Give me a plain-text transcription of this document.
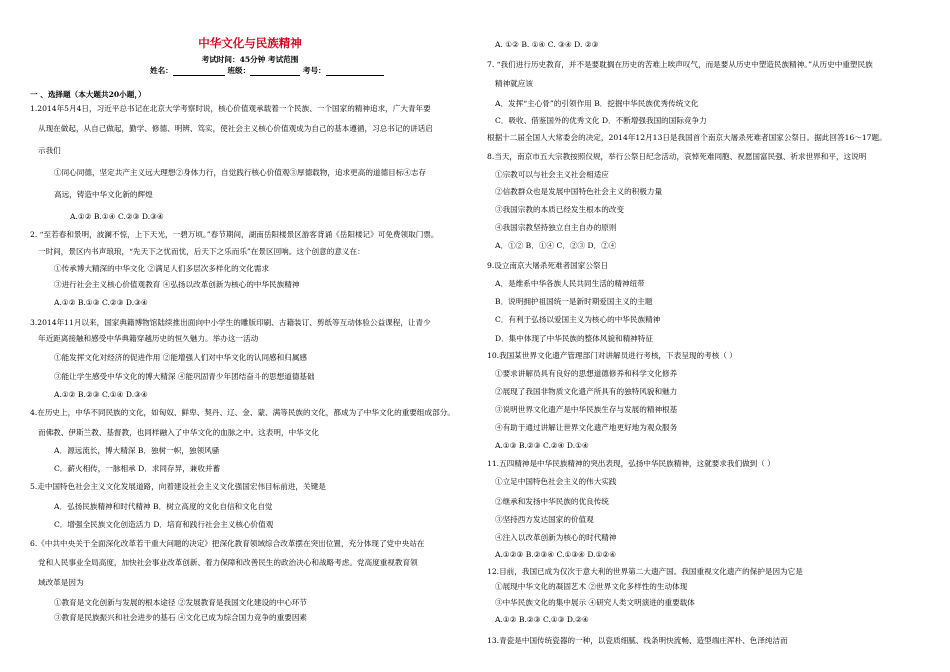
中华文化与民族精神
考试时间：45分钟 考试范围
姓名：	班级：	考号：
一 、选择题（本大题共20小题，）
1.2014年5月4日，习近平总书记在北京大学考察时说，核心价值观承载着一个民族、一个国家的精神追求，广大青年要
从现在做起，从自己做起，勤学、修德、明辨、笃实，使社会主义核心价值观成为自己的基本遵循，习总书记的讲话启
示我们
①同心同德，坚定共产主义远大理想②身体力行，自觉践行核心价值观③厚德载物，追求更高的道德目标④志存
高远，铸造中华文化新的辉煌
A.①② B.①④ C.②③ D.③④
2. “至若春和景明，波澜不惊，上下天光，一碧万顷。”春节期间，湖南岳阳楼景区游客背诵《岳阳楼记》可免费领取门票。
一时间，景区内书声琅琅，“先天下之忧而忧，后天下之乐而乐”在景区回响。这个创意的意义在：
①传承博大精深的中华文化 ②满足人们多层次多样化的文化需求
③进行社会主义核心价值观教育 ④弘扬以改革创新为核心的中华民族精神
A.①② B.①③ C.②③ D.③④
3.2014年11月以来，国家典籍博物馆陆续推出面向中小学生的雕版印刷、古籍装订、剪纸等互动体验公益课程，让青少
年近距离接触和感受中华典籍穿越历史的恒久魅力。举办这一活动
①能发挥文化对经济的促进作用 ②能增强人们对中华文化的认同感和归属感
③能让学生感受中华文化的博大精深 ④能巩固青少年团结奋斗的思想道德基础
A.①② B.②③ C.①④ D.③④
4.在历史上，中华不同民族的文化，如匈奴、鲜卑、契丹、辽、金、蒙、满等民族的文化，都成为了中华文化的重要组成部分。
而佛教、伊斯兰教、基督教，也同样融入了中华文化的血脉之中。这表明，中华文化
A．源远流长，博大精深 B．独树一帜，独领风骚
C．薪火相传，一脉相承 D．求同存异，兼收并蓄
5.走中国特色社会主义文化发展道路，向着建设社会主义文化强国宏伟目标前进，关键是
A．弘扬民族精神和时代精神 B．树立高度的文化自信和文化自觉
C．增强全民族文化创造活力 D．培育和践行社会主义核心价值观
6.《中共中央关于全面深化改革若干重大问题的决定》把深化教育领域综合改革摆在突出位置，充分体现了党中央站在
党和人民事业全局高度，加快社会事业改革创新、着力保障和改善民生的政治决心和战略考虑。党高度重视教育领
域改革是因为
①教育是文化创新与发展的根本途径 ②发展教育是我国文化建设的中心环节
③教育是民族振兴和社会进步的基石 ④文化已成为综合国力竞争的重要因素
A. ①② B. ①④ C. ③④ D. ②③
7. “我们进行历史教育，并不是要耽搁在历史的苦难上唉声叹气，而是要从历史中塑造民族精神。”从历史中重塑民族
精神就应该
A．发挥“主心骨”的引领作用 B．挖掘中华民族优秀传统文化
C．吸收、借鉴国外的优秀文化 D．不断增强我国的国际竞争力
根据十二届全国人大常委会的决定，2014年12月13日是我国首个南京大屠杀死难者国家公祭日。据此回答16～17题。
8.当天，南京市五大宗教按照仪规，举行公祭日纪念活动，哀悼死难同胞、祝愿国富民强、祈求世界和平，这说明
①宗教可以与社会主义社会相适应
②信教群众也是发展中国特色社会主义的积极力量
③我国宗教的本质已经发生根本的改变
④我国宗教坚持独立自主自办的原则
A．①② B．①④ C．②③ D．②④
9.设立南京大屠杀死难者国家公祭日
A．是维系中华各族人民共同生活的精神纽带
B．说明拥护祖国统一是新时期爱国主义的主题
C．有利于弘扬以爱国主义为核心的中华民族精神
D．集中体现了中华民族的整体风貌和精神特征
10.我国某世界文化遗产管理部门对讲解员进行考核，下表呈现的考核（ ）
①要求讲解员具有良好的思想道德修养和科学文化修养
②展现了我国非物质文化遗产所具有的独特风貌和魅力
③说明世界文化遗产是中华民族生存与发展的精神根基
④有助于通过讲解让世界文化遗产地更好地为观众服务
A.①③ B.②③ C.②④ D.①④
11.五四精神是中华民族精神的突出表现，弘扬中华民族精神，这就要求我们做到（ ）
①立足中国特色社会主义的伟大实践
②继承和发扬中华民族的优良传统
③坚持西方发达国家的价值观
④注入以改革创新为核心的时代精神
A.①②③ B.②③④ C.①③④ D.①②④
12.目前，我国已成为仅次于意大利的世界第二大遗产国。我国重视文化遗产的保护是因为它是
①展现中华文化的凝固艺术 ②世界文化多样性的生动体现
③中华民族文化的集中展示 ④研究人类文明演进的重要载体
A.①② B.②③ C.①③ D.②④
13.青瓷是中国传统瓷器的一种，以瓷质细腻、线条明快流畅、造型端庄浑朴、色泽纯洁而
